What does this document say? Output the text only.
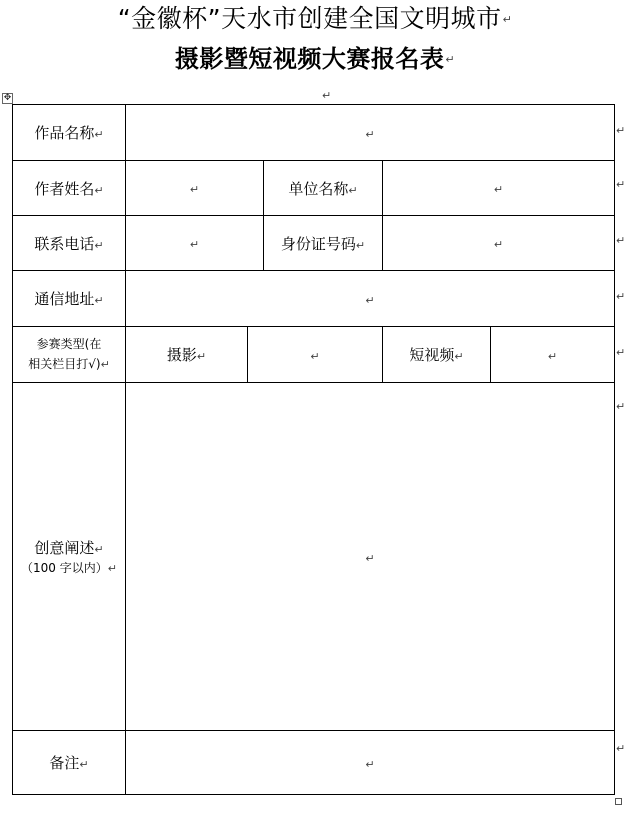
“金徽杯”天水市创建全国文明城市↵
摄影暨短视频大赛报名表↵
✥	↵
作品名称↵	↵				
作者姓名↵	↵		单位名称↵	↵	
联系电话↵	↵		身份证号码↵	↵	
通信地址↵	↵				
参赛类型(在
相关栏目打√)↵	摄影↵	↵		短视频↵	↵
创意阐述↵
（100 字以内）↵	↵				
备注↵	↵				
↵
↵
↵
↵
↵
↵
↵
